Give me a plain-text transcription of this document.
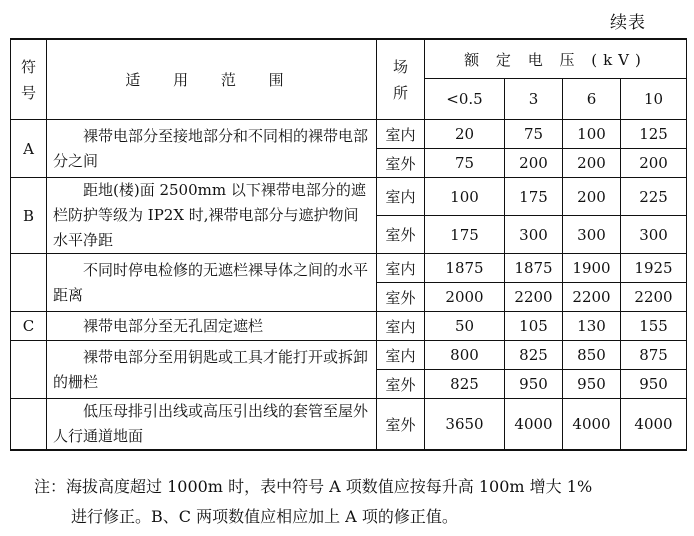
续表
符
号	适 用 范 围	场
所	额 定 电 压 (kV)			
			<0.5	3	6	10
A	裸带电部分至接地部分和不同相的裸带电部分之间	室内	20	75	100	125
		室外	75	200	200	200
B	距地(楼)面 2500mm 以下裸带电部分的遮栏防护等级为 IP2X 时,裸带电部分与遮护物间水平净距	室内	100	175	200	225
		室外	175	300	300	300
	不同时停电检修的无遮栏裸导体之间的水平距离	室内	1875	1875	1900	1925
		室外	2000	2200	2200	2200
C	裸带电部分至无孔固定遮栏	室内	50	105	130	155
	裸带电部分至用钥匙或工具才能打开或拆卸的栅栏	室内	800	825	850	875
		室外	825	950	950	950
	低压母排引出线或高压引出线的套管至屋外人行通道地面	室外	3650	4000	4000	4000
注：海拔高度超过 1000m 时，表中符号 A 项数值应按每升高 100m 增大 1%
进行修正。B、C 两项数值应相应加上 A 项的修正值。
